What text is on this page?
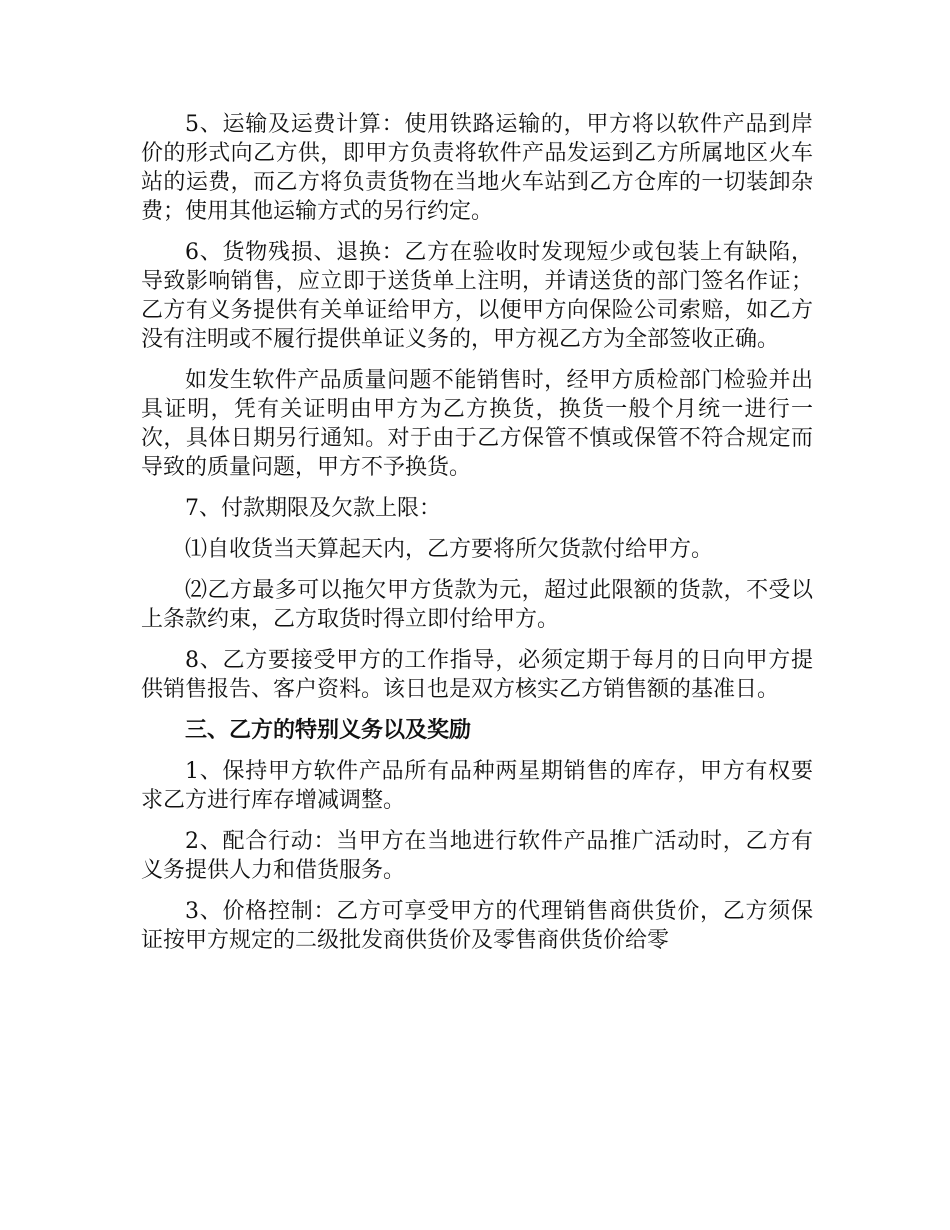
5、运输及运费计算：使用铁路运输的，甲方将以软件产品到岸价的形式向乙方供，即甲方负责将软件产品发运到乙方所属地区火车站的运费，而乙方将负责货物在当地火车站到乙方仓库的一切装卸杂费；使用其他运输方式的另行约定。

6、货物残损、退换：乙方在验收时发现短少或包装上有缺陷，导致影响销售，应立即于送货单上注明，并请送货的部门签名作证；乙方有义务提供有关单证给甲方，以便甲方向保险公司索赔，如乙方没有注明或不履行提供单证义务的，甲方视乙方为全部签收正确。

如发生软件产品质量问题不能销售时，经甲方质检部门检验并出具证明，凭有关证明由甲方为乙方换货，换货一般个月统一进行一次，具体日期另行通知。对于由于乙方保管不慎或保管不符合规定而导致的质量问题，甲方不予换货。

7、付款期限及欠款上限：

⑴自收货当天算起天内，乙方要将所欠货款付给甲方。

⑵乙方最多可以拖欠甲方货款为元，超过此限额的货款，不受以上条款约束，乙方取货时得立即付给甲方。

8、乙方要接受甲方的工作指导，必须定期于每月的日向甲方提供销售报告、客户资料。该日也是双方核实乙方销售额的基准日。

三、乙方的特别义务以及奖励

1、保持甲方软件产品所有品种两星期销售的库存，甲方有权要求乙方进行库存增减调整。

2、配合行动：当甲方在当地进行软件产品推广活动时，乙方有义务提供人力和借货服务。

3、价格控制：乙方可享受甲方的代理销售商供货价，乙方须保证按甲方规定的二级批发商供货价及零售商供货价给零
